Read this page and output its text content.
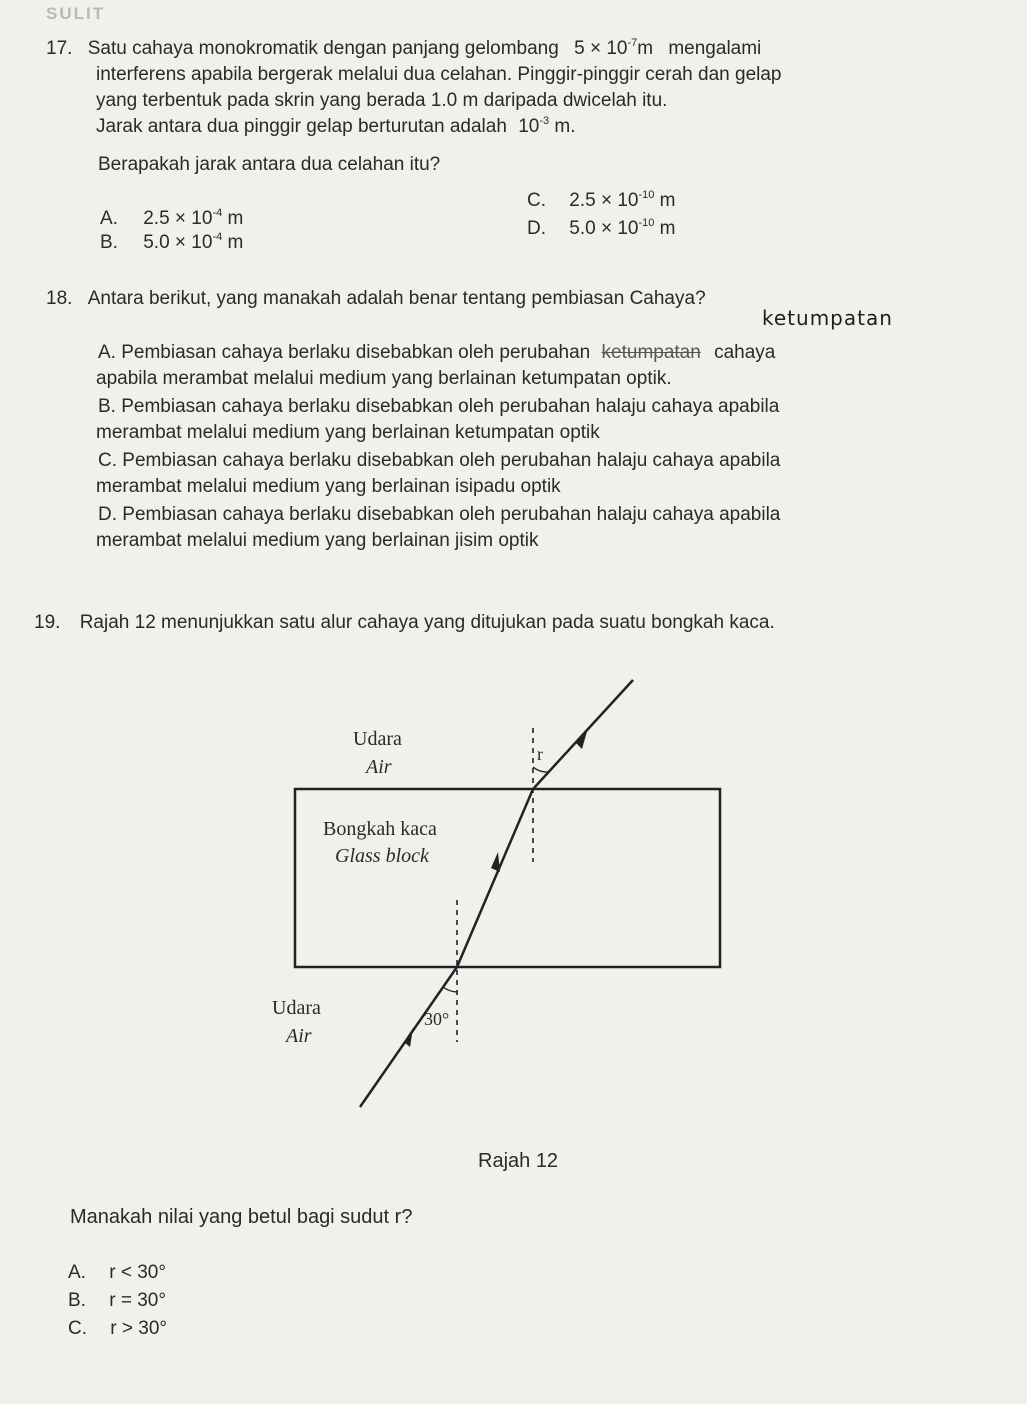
SULIT
17. Satu cahaya monokromatik dengan panjang gelombang $5 \times 10^{-7}m$ mengalami
interferens apabila bergerak melalui dua celahan. Pinggir-pinggir cerah dan gelap
yang terbentuk pada skrin yang berada 1.0 m daripada dwicelah itu.
Jarak antara dua pinggir gelap berturutan adalah $10^{-3}$ m.
Berapakah jarak antara dua celahan itu?
A. $2.5 \times 10^{-4}$ m
B. $5.0 \times 10^{-4}$ m
C. $2.5 \times 10^{-10}$ m
D. $5.0 \times 10^{-10}$ m
18. Antara berikut, yang manakah adalah benar tentang pembiasan Cahaya?
ketumpatan
A. Pembiasan cahaya berlaku disebabkan oleh perubahan ketumpatan cahaya
apabila merambat melalui medium yang berlainan ketumpatan optik.
B. Pembiasan cahaya berlaku disebabkan oleh perubahan halaju cahaya apabila
merambat melalui medium yang berlainan ketumpatan optik
C. Pembiasan cahaya berlaku disebabkan oleh perubahan halaju cahaya apabila
merambat melalui medium yang berlainan isipadu optik
D. Pembiasan cahaya berlaku disebabkan oleh perubahan halaju cahaya apabila
merambat melalui medium yang berlainan jisim optik
19. Rajah 12 menunjukkan satu alur cahaya yang ditujukan pada suatu bongkah kaca.
Udara
Air
r
Bongkah kaca
Glass block
Udara
Air
30°
Rajah 12
Manakah nilai yang betul bagi sudut r?
A. r < 30°
B. r = 30°
C. r > 30°
